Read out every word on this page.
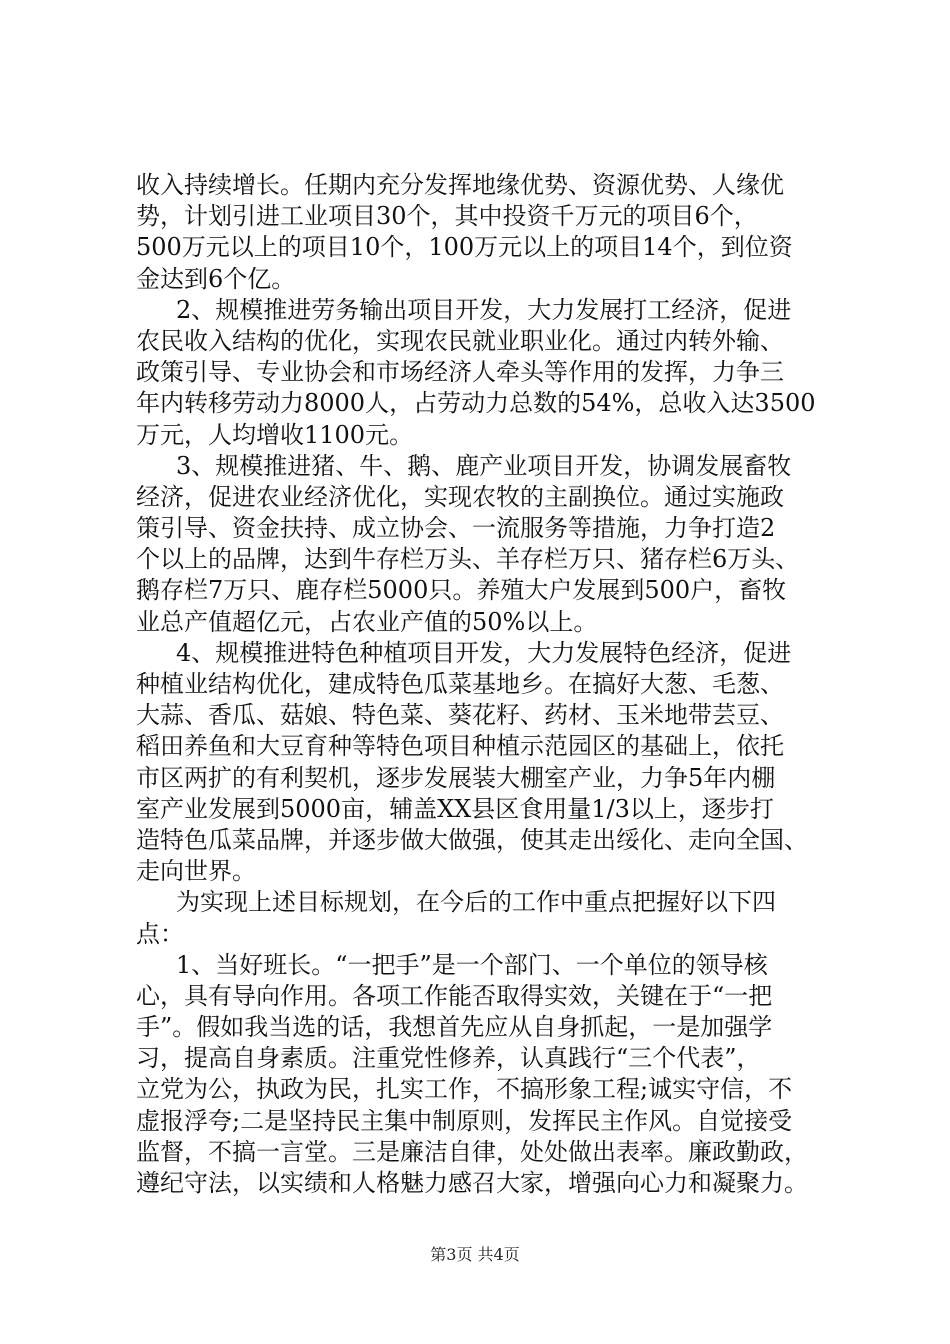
收入持续增长。任期内充分发挥地缘优势、资源优势、人缘优
势，计划引进工业项目30个，其中投资千万元的项目6个，
500万元以上的项目10个，100万元以上的项目14个，到位资
金达到6个亿。
2、规模推进劳务输出项目开发，大力发展打工经济，促进
农民收入结构的优化，实现农民就业职业化。通过内转外输、
政策引导、专业协会和市场经济人牵头等作用的发挥，力争三
年内转移劳动力8000人，占劳动力总数的54%，总收入达3500
万元，人均增收1100元。
3、规模推进猪、牛、鹅、鹿产业项目开发，协调发展畜牧
经济，促进农业经济优化，实现农牧的主副换位。通过实施政
策引导、资金扶持、成立协会、一流服务等措施，力争打造2
个以上的品牌，达到牛存栏万头、羊存栏万只、猪存栏6万头、
鹅存栏7万只、鹿存栏5000只。养殖大户发展到500户，畜牧
业总产值超亿元，占农业产值的50%以上。
4、规模推进特色种植项目开发，大力发展特色经济，促进
种植业结构优化，建成特色瓜菜基地乡。在搞好大葱、毛葱、
大蒜、香瓜、菇娘、特色菜、葵花籽、药材、玉米地带芸豆、
稻田养鱼和大豆育种等特色项目种植示范园区的基础上，依托
市区两扩的有利契机，逐步发展装大棚室产业，力争5年内棚
室产业发展到5000亩，辅盖XX县区食用量1/3以上，逐步打
造特色瓜菜品牌，并逐步做大做强，使其走出绥化、走向全国、
走向世界。
为实现上述目标规划，在今后的工作中重点把握好以下四
点：
1、当好班长。“一把手”是一个部门、一个单位的领导核
心，具有导向作用。各项工作能否取得实效，关键在于“一把
手”。假如我当选的话，我想首先应从自身抓起，一是加强学
习，提高自身素质。注重党性修养，认真践行“三个代表”，
立党为公，执政为民，扎实工作，不搞形象工程;诚实守信，不
虚报浮夸;二是坚持民主集中制原则，发挥民主作风。自觉接受
监督，不搞一言堂。三是廉洁自律，处处做出表率。廉政勤政，
遵纪守法，以实绩和人格魅力感召大家，增强向心力和凝聚力。
第3页 共4页
